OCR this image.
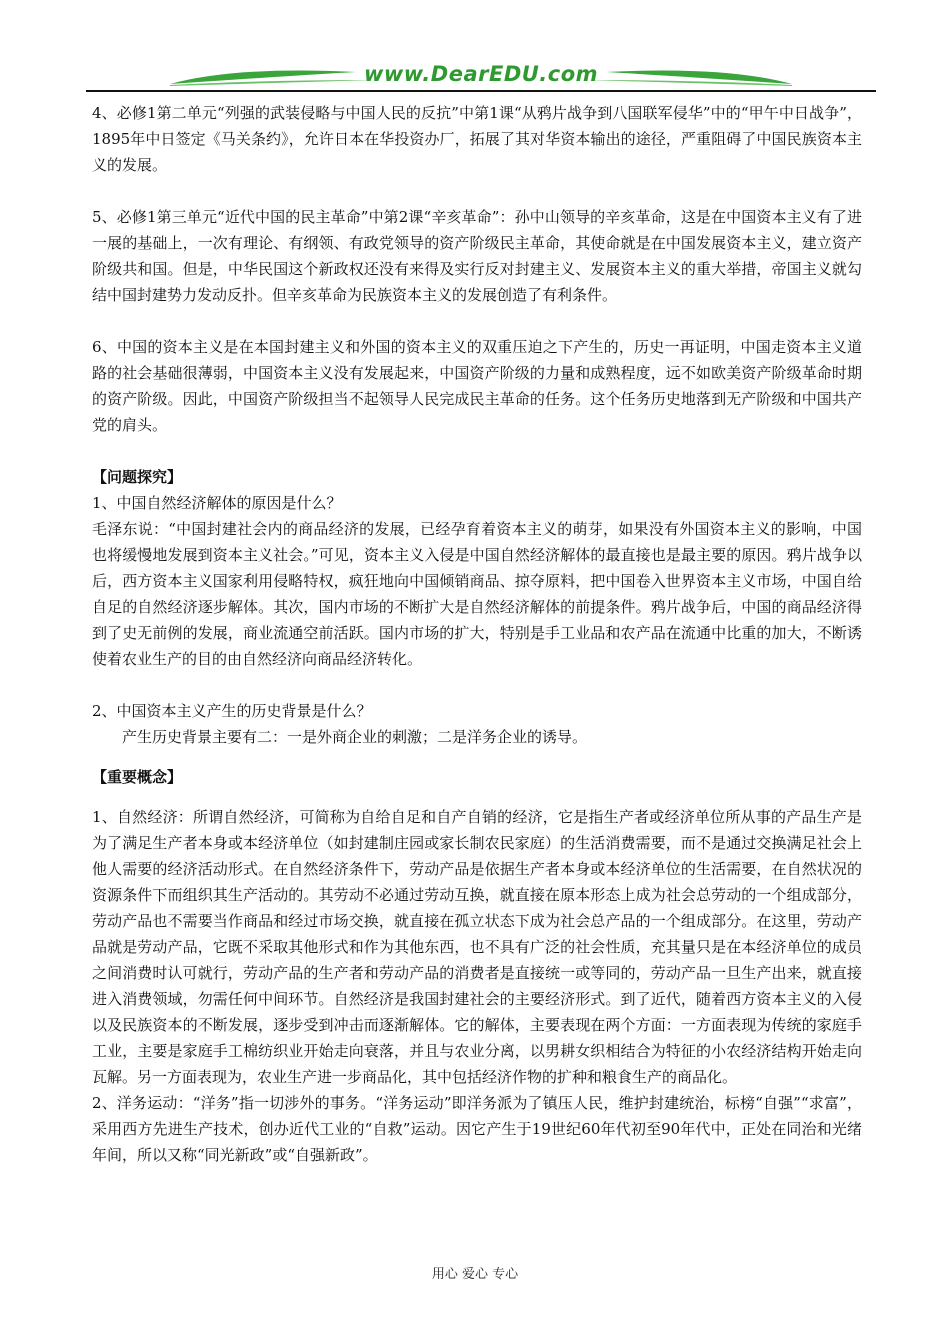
www.DearEDU.com

4、必修1第二单元“列强的武装侵略与中国人民的反抗”中第1课“从鸦片战争到八国联军侵华”中的“甲午中日战争”，1895年中日签定《马关条约》，允许日本在华投资办厂，拓展了其对华资本输出的途径，严重阻碍了中国民族资本主义的发展。

5、必修1第三单元“近代中国的民主革命”中第2课“辛亥革命”：孙中山领导的辛亥革命，这是在中国资本主义有了进一展的基础上，一次有理论、有纲领、有政党领导的资产阶级民主革命，其使命就是在中国发展资本主义，建立资产阶级共和国。但是，中华民国这个新政权还没有来得及实行反对封建主义、发展资本主义的重大举措，帝国主义就勾结中国封建势力发动反扑。但辛亥革命为民族资本主义的发展创造了有利条件。

6、中国的资本主义是在本国封建主义和外国的资本主义的双重压迫之下产生的，历史一再证明，中国走资本主义道路的社会基础很薄弱，中国资本主义没有发展起来，中国资产阶级的力量和成熟程度，远不如欧美资产阶级革命时期的资产阶级。因此，中国资产阶级担当不起领导人民完成民主革命的任务。这个任务历史地落到无产阶级和中国共产党的肩头。

【问题探究】

1、中国自然经济解体的原因是什么？

毛泽东说：“中国封建社会内的商品经济的发展，已经孕育着资本主义的萌芽，如果没有外国资本主义的影响，中国也将缓慢地发展到资本主义社会。”可见，资本主义入侵是中国自然经济解体的最直接也是最主要的原因。鸦片战争以后，西方资本主义国家利用侵略特权，疯狂地向中国倾销商品、掠夺原料，把中国卷入世界资本主义市场，中国自给自足的自然经济逐步解体。其次，国内市场的不断扩大是自然经济解体的前提条件。鸦片战争后，中国的商品经济得到了史无前例的发展，商业流通空前活跃。国内市场的扩大，特别是手工业品和农产品在流通中比重的加大，不断诱使着农业生产的目的由自然经济向商品经济转化。

2、中国资本主义产生的历史背景是什么？

产生历史背景主要有二：一是外商企业的刺激；二是洋务企业的诱导。

【重要概念】

1、自然经济：所谓自然经济，可简称为自给自足和自产自销的经济，它是指生产者或经济单位所从事的产品生产是为了满足生产者本身或本经济单位（如封建制庄园或家长制农民家庭）的生活消费需要，而不是通过交换满足社会上他人需要的经济活动形式。在自然经济条件下，劳动产品是依据生产者本身或本经济单位的生活需要，在自然状况的资源条件下而组织其生产活动的。其劳动不必通过劳动互换，就直接在原本形态上成为社会总劳动的一个组成部分，劳动产品也不需要当作商品和经过市场交换，就直接在孤立状态下成为社会总产品的一个组成部分。在这里，劳动产品就是劳动产品，它既不采取其他形式和作为其他东西，也不具有广泛的社会性质，充其量只是在本经济单位的成员之间消费时认可就行，劳动产品的生产者和劳动产品的消费者是直接统一或等同的，劳动产品一旦生产出来，就直接进入消费领域，勿需任何中间环节。自然经济是我国封建社会的主要经济形式。到了近代，随着西方资本主义的入侵以及民族资本的不断发展，逐步受到冲击而逐渐解体。它的解体，主要表现在两个方面：一方面表现为传统的家庭手工业，主要是家庭手工棉纺织业开始走向衰落，并且与农业分离，以男耕女织相结合为特征的小农经济结构开始走向瓦解。另一方面表现为，农业生产进一步商品化，其中包括经济作物的扩种和粮食生产的商品化。

2、洋务运动：“洋务”指一切涉外的事务。“洋务运动”即洋务派为了镇压人民，维护封建统治，标榜“自强”“求富”，采用西方先进生产技术，创办近代工业的“自救”运动。因它产生于19世纪60年代初至90年代中，正处在同治和光绪年间，所以又称“同光新政”或“自强新政”。

用心 爱心 专心
